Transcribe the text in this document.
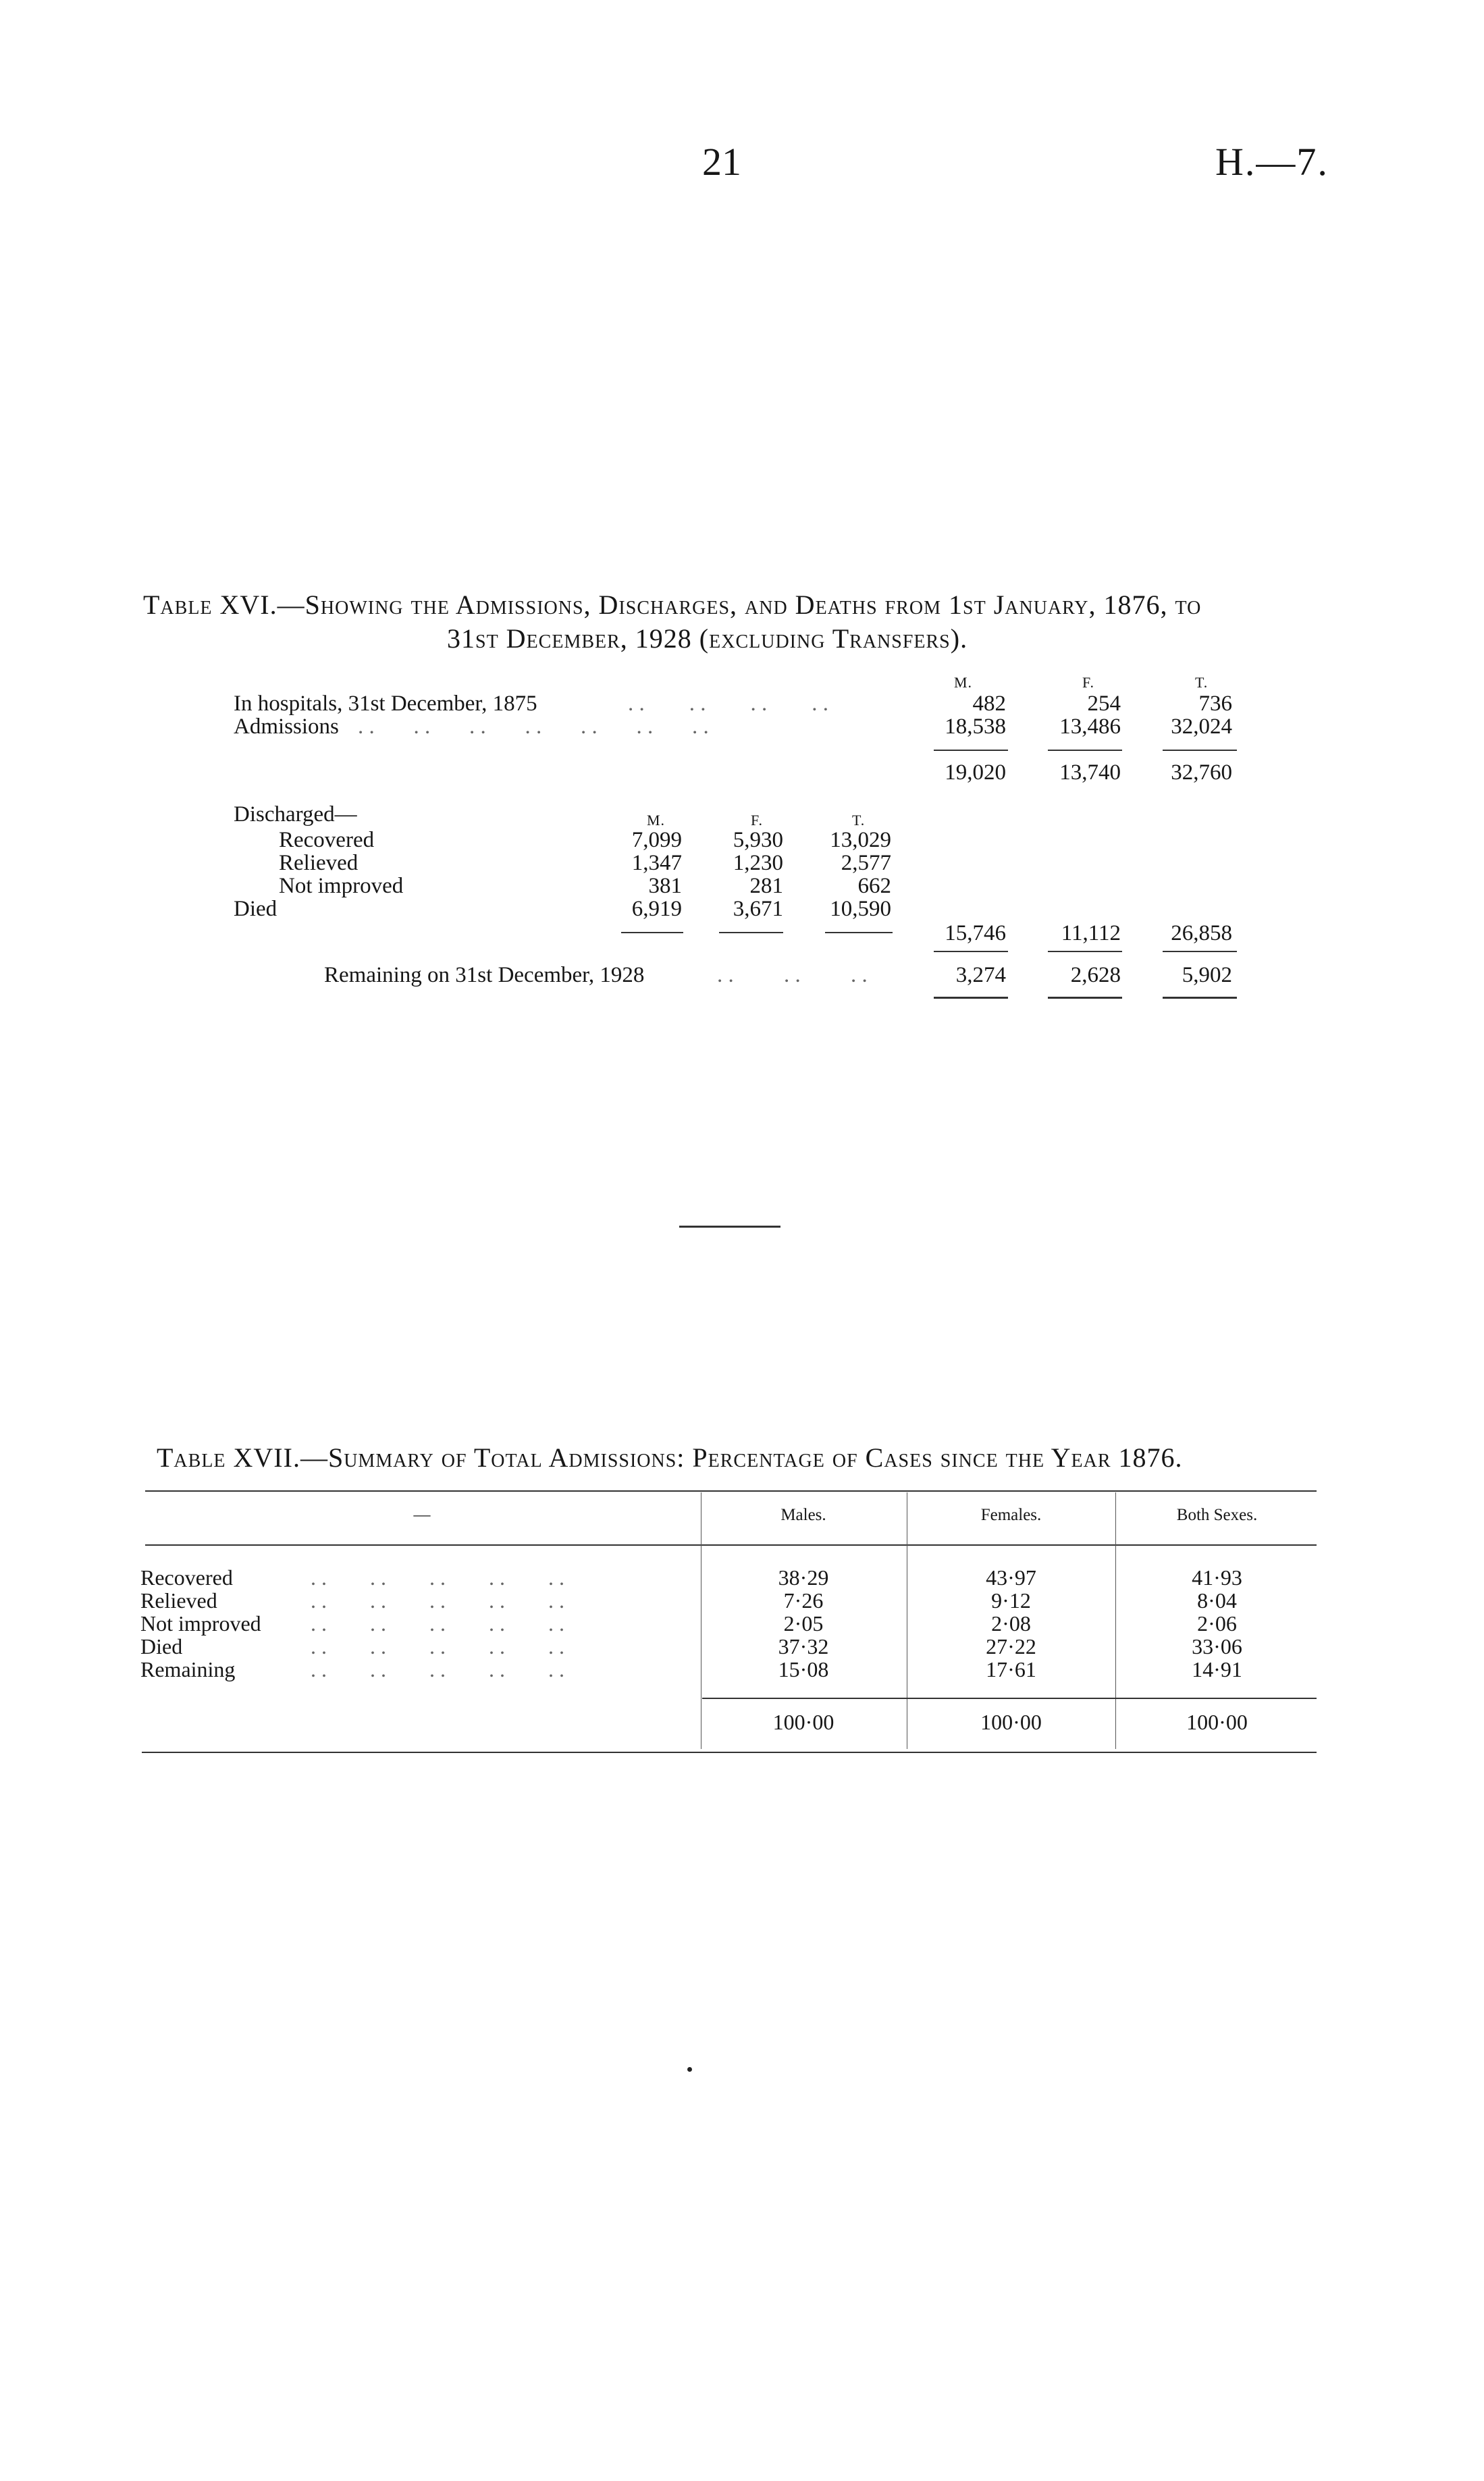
21	H.—7.
Table XVI.—Showing the Admissions, Discharges, and Deaths from 1st January, 1876, to
31st December, 1928 (excluding Transfers).
M.	F.	T.
In hospitals, 31st December, 1875	. .        . .        . .        . .	482	254	736
Admissions . .       . .       . .       . .       . .       . .       . .	18,538	13,486	32,024
19,020	13,740	32,760
Discharged—	M.	F.	T.
Recovered	7,099	5,930	13,029
Relieved	1,347	1,230	2,577
Not improved	381	281	662
Died	6,919	3,671	10,590
15,746	11,112	26,858
Remaining on 31st December, 1928	. .         . .         . .	3,274	2,628	5,902
Table XVII.—Summary of Total Admissions: Percentage of Cases since the Year 1876.
—	Males.	Females.	Both Sexes.
Recovered	. .        . .        . .        . .        . .	38·29	43·97	41·93
Relieved	. .        . .        . .        . .        . .	7·26	9·12	8·04
Not improved . .        . .        . .        . .        . .	2·05	2·08	2·06
Died	. .        . .        . .        . .        . .	37·32	27·22	33·06
Remaining	. .        . .        . .        . .        . .	15·08	17·61	14·91
100·00	100·00	100·00
